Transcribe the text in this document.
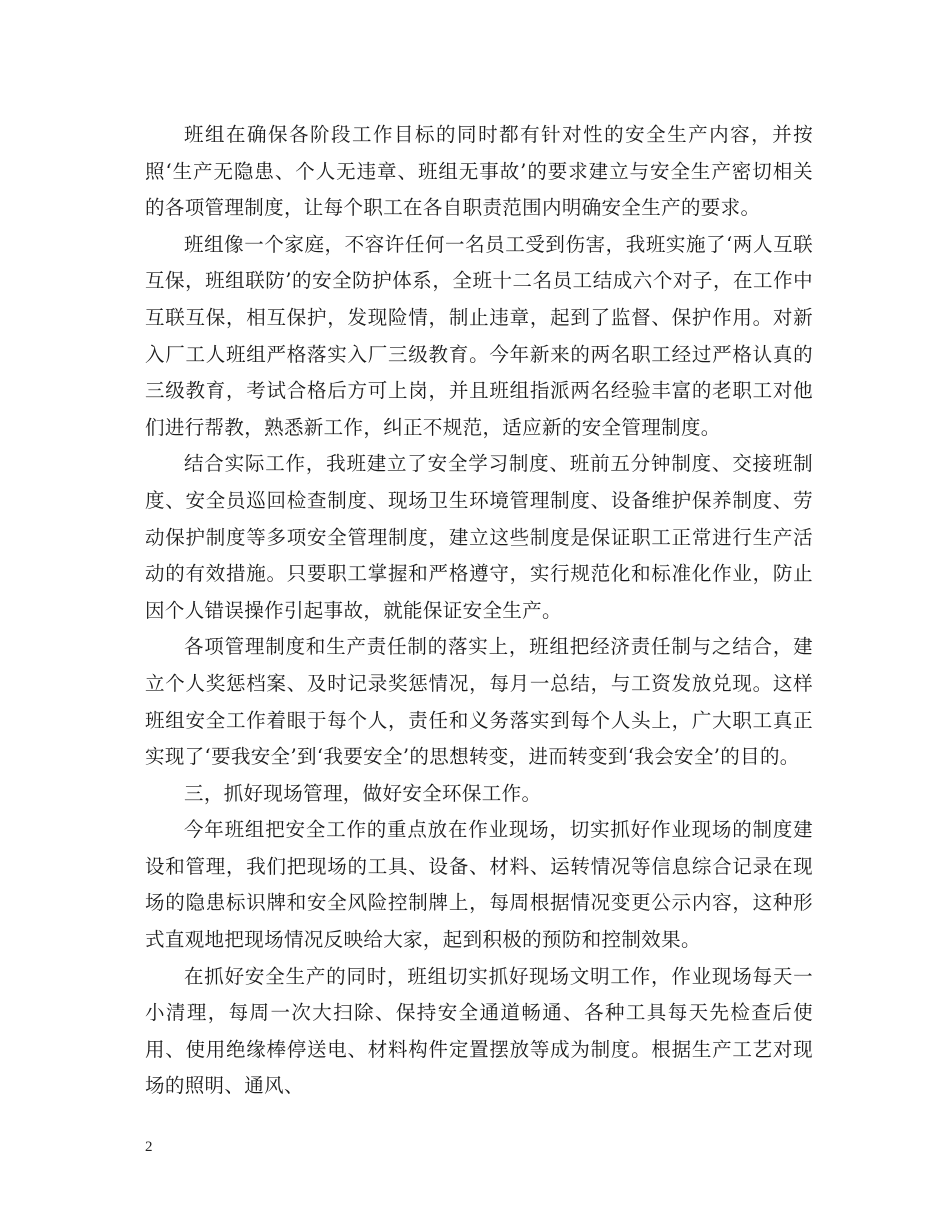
班组在确保各阶段工作目标的同时都有针对性的安全生产内容，并按照‘生产无隐患、个人无违章、班组无事故’的要求建立与安全生产密切相关的各项管理制度，让每个职工在各自职责范围内明确安全生产的要求。

班组像一个家庭，不容许任何一名员工受到伤害，我班实施了‘两人互联互保，班组联防’的安全防护体系，全班十二名员工结成六个对子，在工作中互联互保，相互保护，发现险情，制止违章，起到了监督、保护作用。对新入厂工人班组严格落实入厂三级教育。今年新来的两名职工经过严格认真的三级教育，考试合格后方可上岗，并且班组指派两名经验丰富的老职工对他们进行帮教，熟悉新工作，纠正不规范，适应新的安全管理制度。

结合实际工作，我班建立了安全学习制度、班前五分钟制度、交接班制度、安全员巡回检查制度、现场卫生环境管理制度、设备维护保养制度、劳动保护制度等多项安全管理制度，建立这些制度是保证职工正常进行生产活动的有效措施。只要职工掌握和严格遵守，实行规范化和标准化作业，防止因个人错误操作引起事故，就能保证安全生产。

各项管理制度和生产责任制的落实上，班组把经济责任制与之结合，建立个人奖惩档案、及时记录奖惩情况，每月一总结，与工资发放兑现。这样班组安全工作着眼于每个人，责任和义务落实到每个人头上，广大职工真正实现了‘要我安全’到‘我要安全’的思想转变，进而转变到‘我会安全’的目的。

三，抓好现场管理，做好安全环保工作。

今年班组把安全工作的重点放在作业现场，切实抓好作业现场的制度建设和管理，我们把现场的工具、设备、材料、运转情况等信息综合记录在现场的隐患标识牌和安全风险控制牌上，每周根据情况变更公示内容，这种形式直观地把现场情况反映给大家，起到积极的预防和控制效果。

在抓好安全生产的同时，班组切实抓好现场文明工作，作业现场每天一小清理，每周一次大扫除、保持安全通道畅通、各种工具每天先检查后使用、使用绝缘棒停送电、材料构件定置摆放等成为制度。根据生产工艺对现场的照明、通风、

2
